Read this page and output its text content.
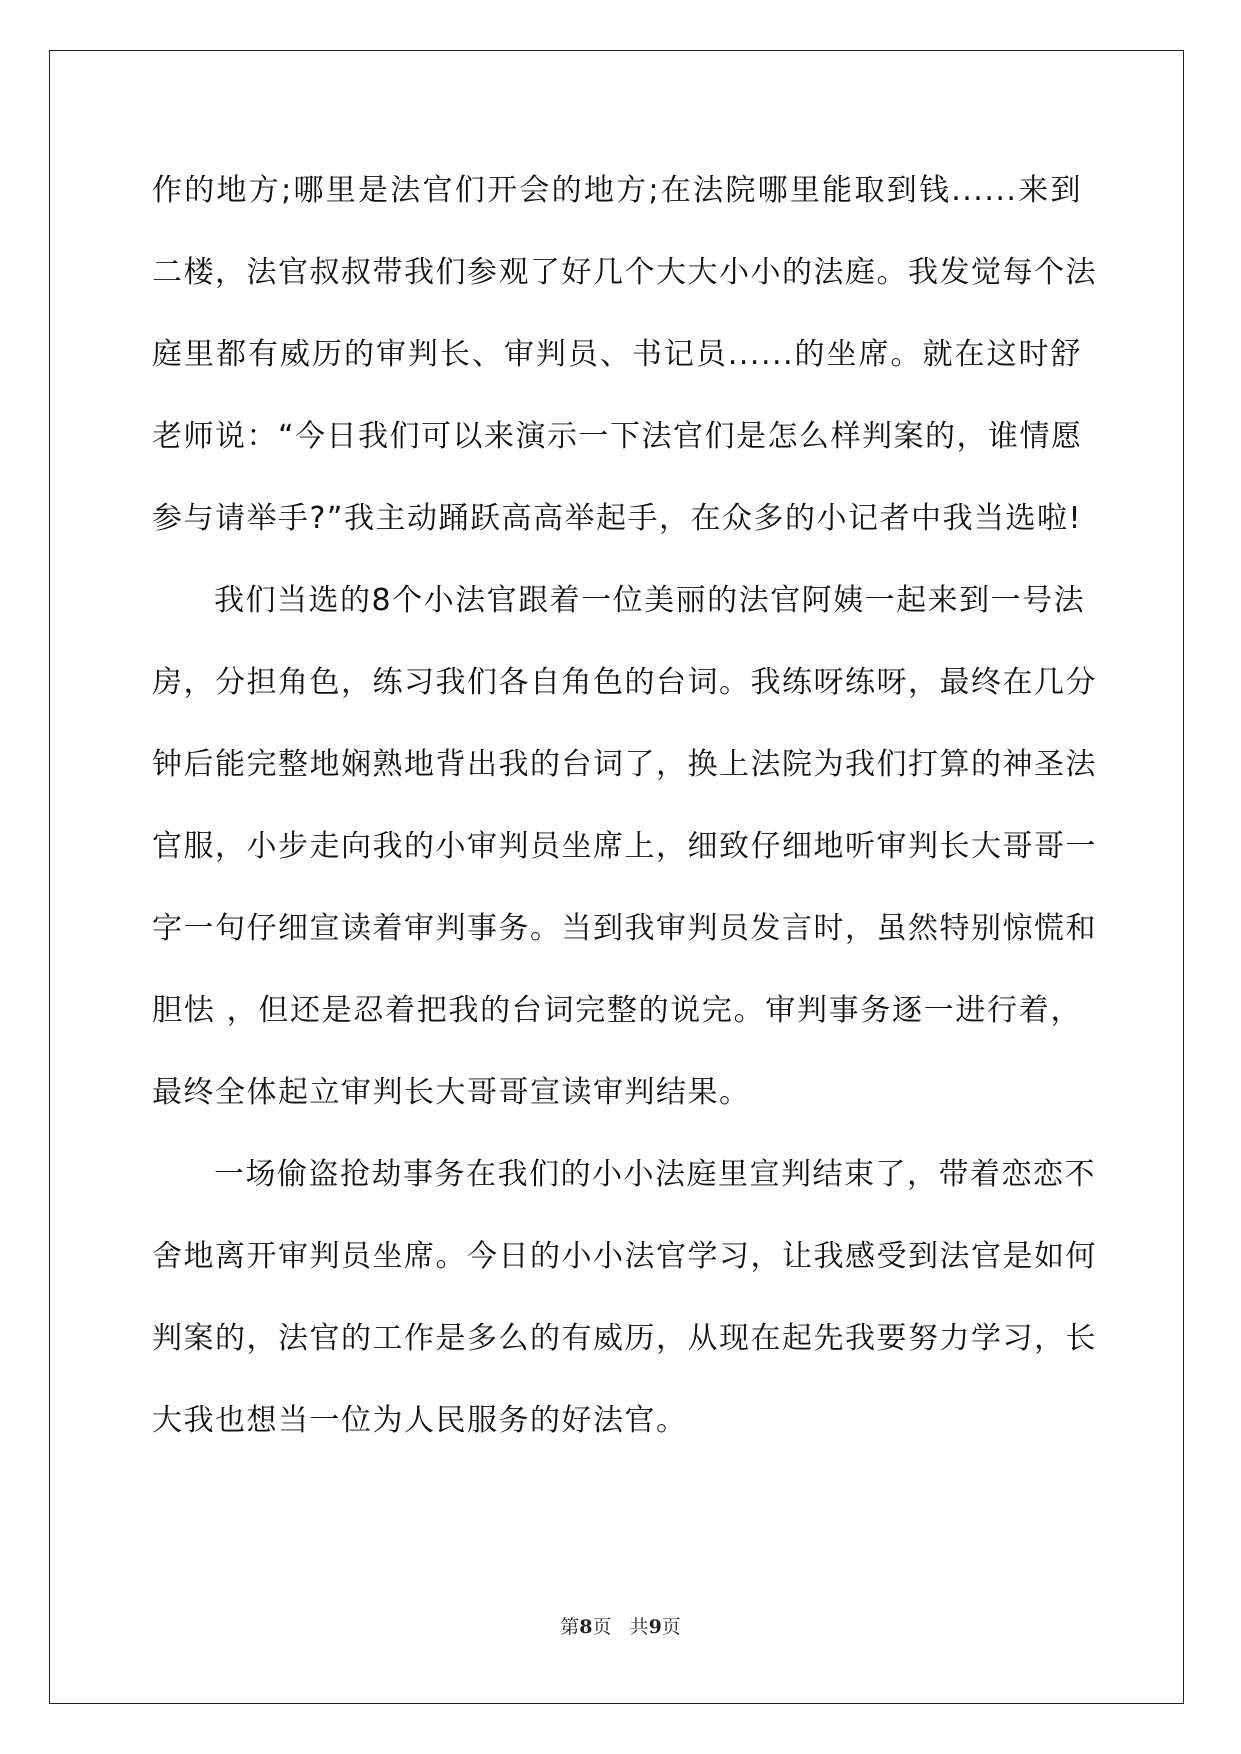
作的地方;哪里是法官们开会的地方;在法院哪里能取到钱......来到
二楼，法官叔叔带我们参观了好几个大大小小的法庭。我发觉每个法
庭里都有威历的审判长、审判员、书记员......的坐席。就在这时舒
老师说：“今日我们可以来演示一下法官们是怎么样判案的，谁情愿
参与请举手?”我主动踊跃高高举起手，在众多的小记者中我当选啦!
我们当选的8个小法官跟着一位美丽的法官阿姨一起来到一号法
房，分担角色，练习我们各自角色的台词。我练呀练呀，最终在几分
钟后能完整地娴熟地背出我的台词了，换上法院为我们打算的神圣法
官服，小步走向我的小审判员坐席上，细致仔细地听审判长大哥哥一
字一句仔细宣读着审判事务。当到我审判员发言时，虽然特别惊慌和
胆怯 ，但还是忍着把我的台词完整的说完。审判事务逐一进行着，
最终全体起立审判长大哥哥宣读审判结果。
一场偷盗抢劫事务在我们的小小法庭里宣判结束了，带着恋恋不
舍地离开审判员坐席。今日的小小法官学习，让我感受到法官是如何
判案的，法官的工作是多么的有威历，从现在起先我要努力学习，长
大我也想当一位为人民服务的好法官。
第8页   共9页
